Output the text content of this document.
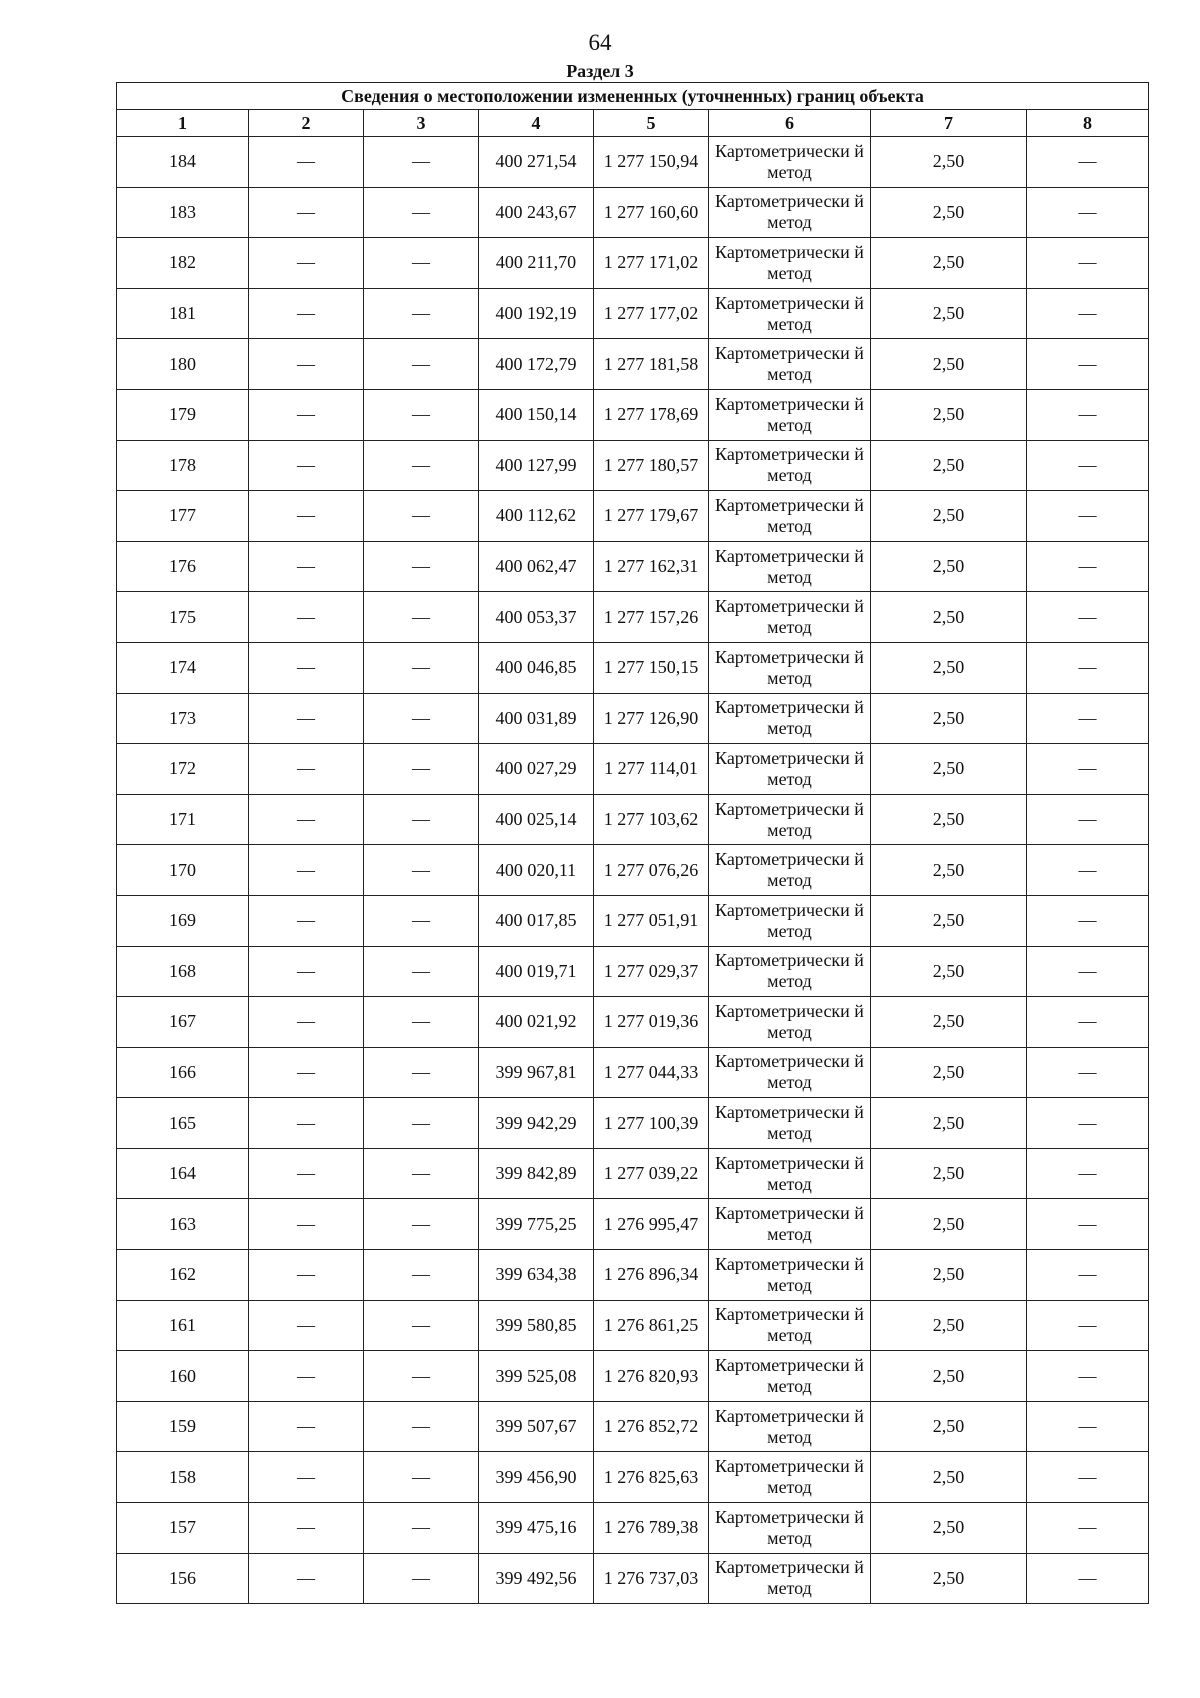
64
Раздел 3
Сведения о местоположении измененных (уточненных) границ объекта							
1	2	3	4	5	6	7	8
184	—	—	400 271,54	1 277 150,94	Картометрически й метод	2,50	—
183	—	—	400 243,67	1 277 160,60	Картометрически й метод	2,50	—
182	—	—	400 211,70	1 277 171,02	Картометрически й метод	2,50	—
181	—	—	400 192,19	1 277 177,02	Картометрически й метод	2,50	—
180	—	—	400 172,79	1 277 181,58	Картометрически й метод	2,50	—
179	—	—	400 150,14	1 277 178,69	Картометрически й метод	2,50	—
178	—	—	400 127,99	1 277 180,57	Картометрически й метод	2,50	—
177	—	—	400 112,62	1 277 179,67	Картометрически й метод	2,50	—
176	—	—	400 062,47	1 277 162,31	Картометрически й метод	2,50	—
175	—	—	400 053,37	1 277 157,26	Картометрически й метод	2,50	—
174	—	—	400 046,85	1 277 150,15	Картометрически й метод	2,50	—
173	—	—	400 031,89	1 277 126,90	Картометрически й метод	2,50	—
172	—	—	400 027,29	1 277 114,01	Картометрически й метод	2,50	—
171	—	—	400 025,14	1 277 103,62	Картометрически й метод	2,50	—
170	—	—	400 020,11	1 277 076,26	Картометрически й метод	2,50	—
169	—	—	400 017,85	1 277 051,91	Картометрически й метод	2,50	—
168	—	—	400 019,71	1 277 029,37	Картометрически й метод	2,50	—
167	—	—	400 021,92	1 277 019,36	Картометрически й метод	2,50	—
166	—	—	399 967,81	1 277 044,33	Картометрически й метод	2,50	—
165	—	—	399 942,29	1 277 100,39	Картометрически й метод	2,50	—
164	—	—	399 842,89	1 277 039,22	Картометрически й метод	2,50	—
163	—	—	399 775,25	1 276 995,47	Картометрически й метод	2,50	—
162	—	—	399 634,38	1 276 896,34	Картометрически й метод	2,50	—
161	—	—	399 580,85	1 276 861,25	Картометрически й метод	2,50	—
160	—	—	399 525,08	1 276 820,93	Картометрически й метод	2,50	—
159	—	—	399 507,67	1 276 852,72	Картометрически й метод	2,50	—
158	—	—	399 456,90	1 276 825,63	Картометрически й метод	2,50	—
157	—	—	399 475,16	1 276 789,38	Картометрически й метод	2,50	—
156	—	—	399 492,56	1 276 737,03	Картометрически й метод	2,50	—
